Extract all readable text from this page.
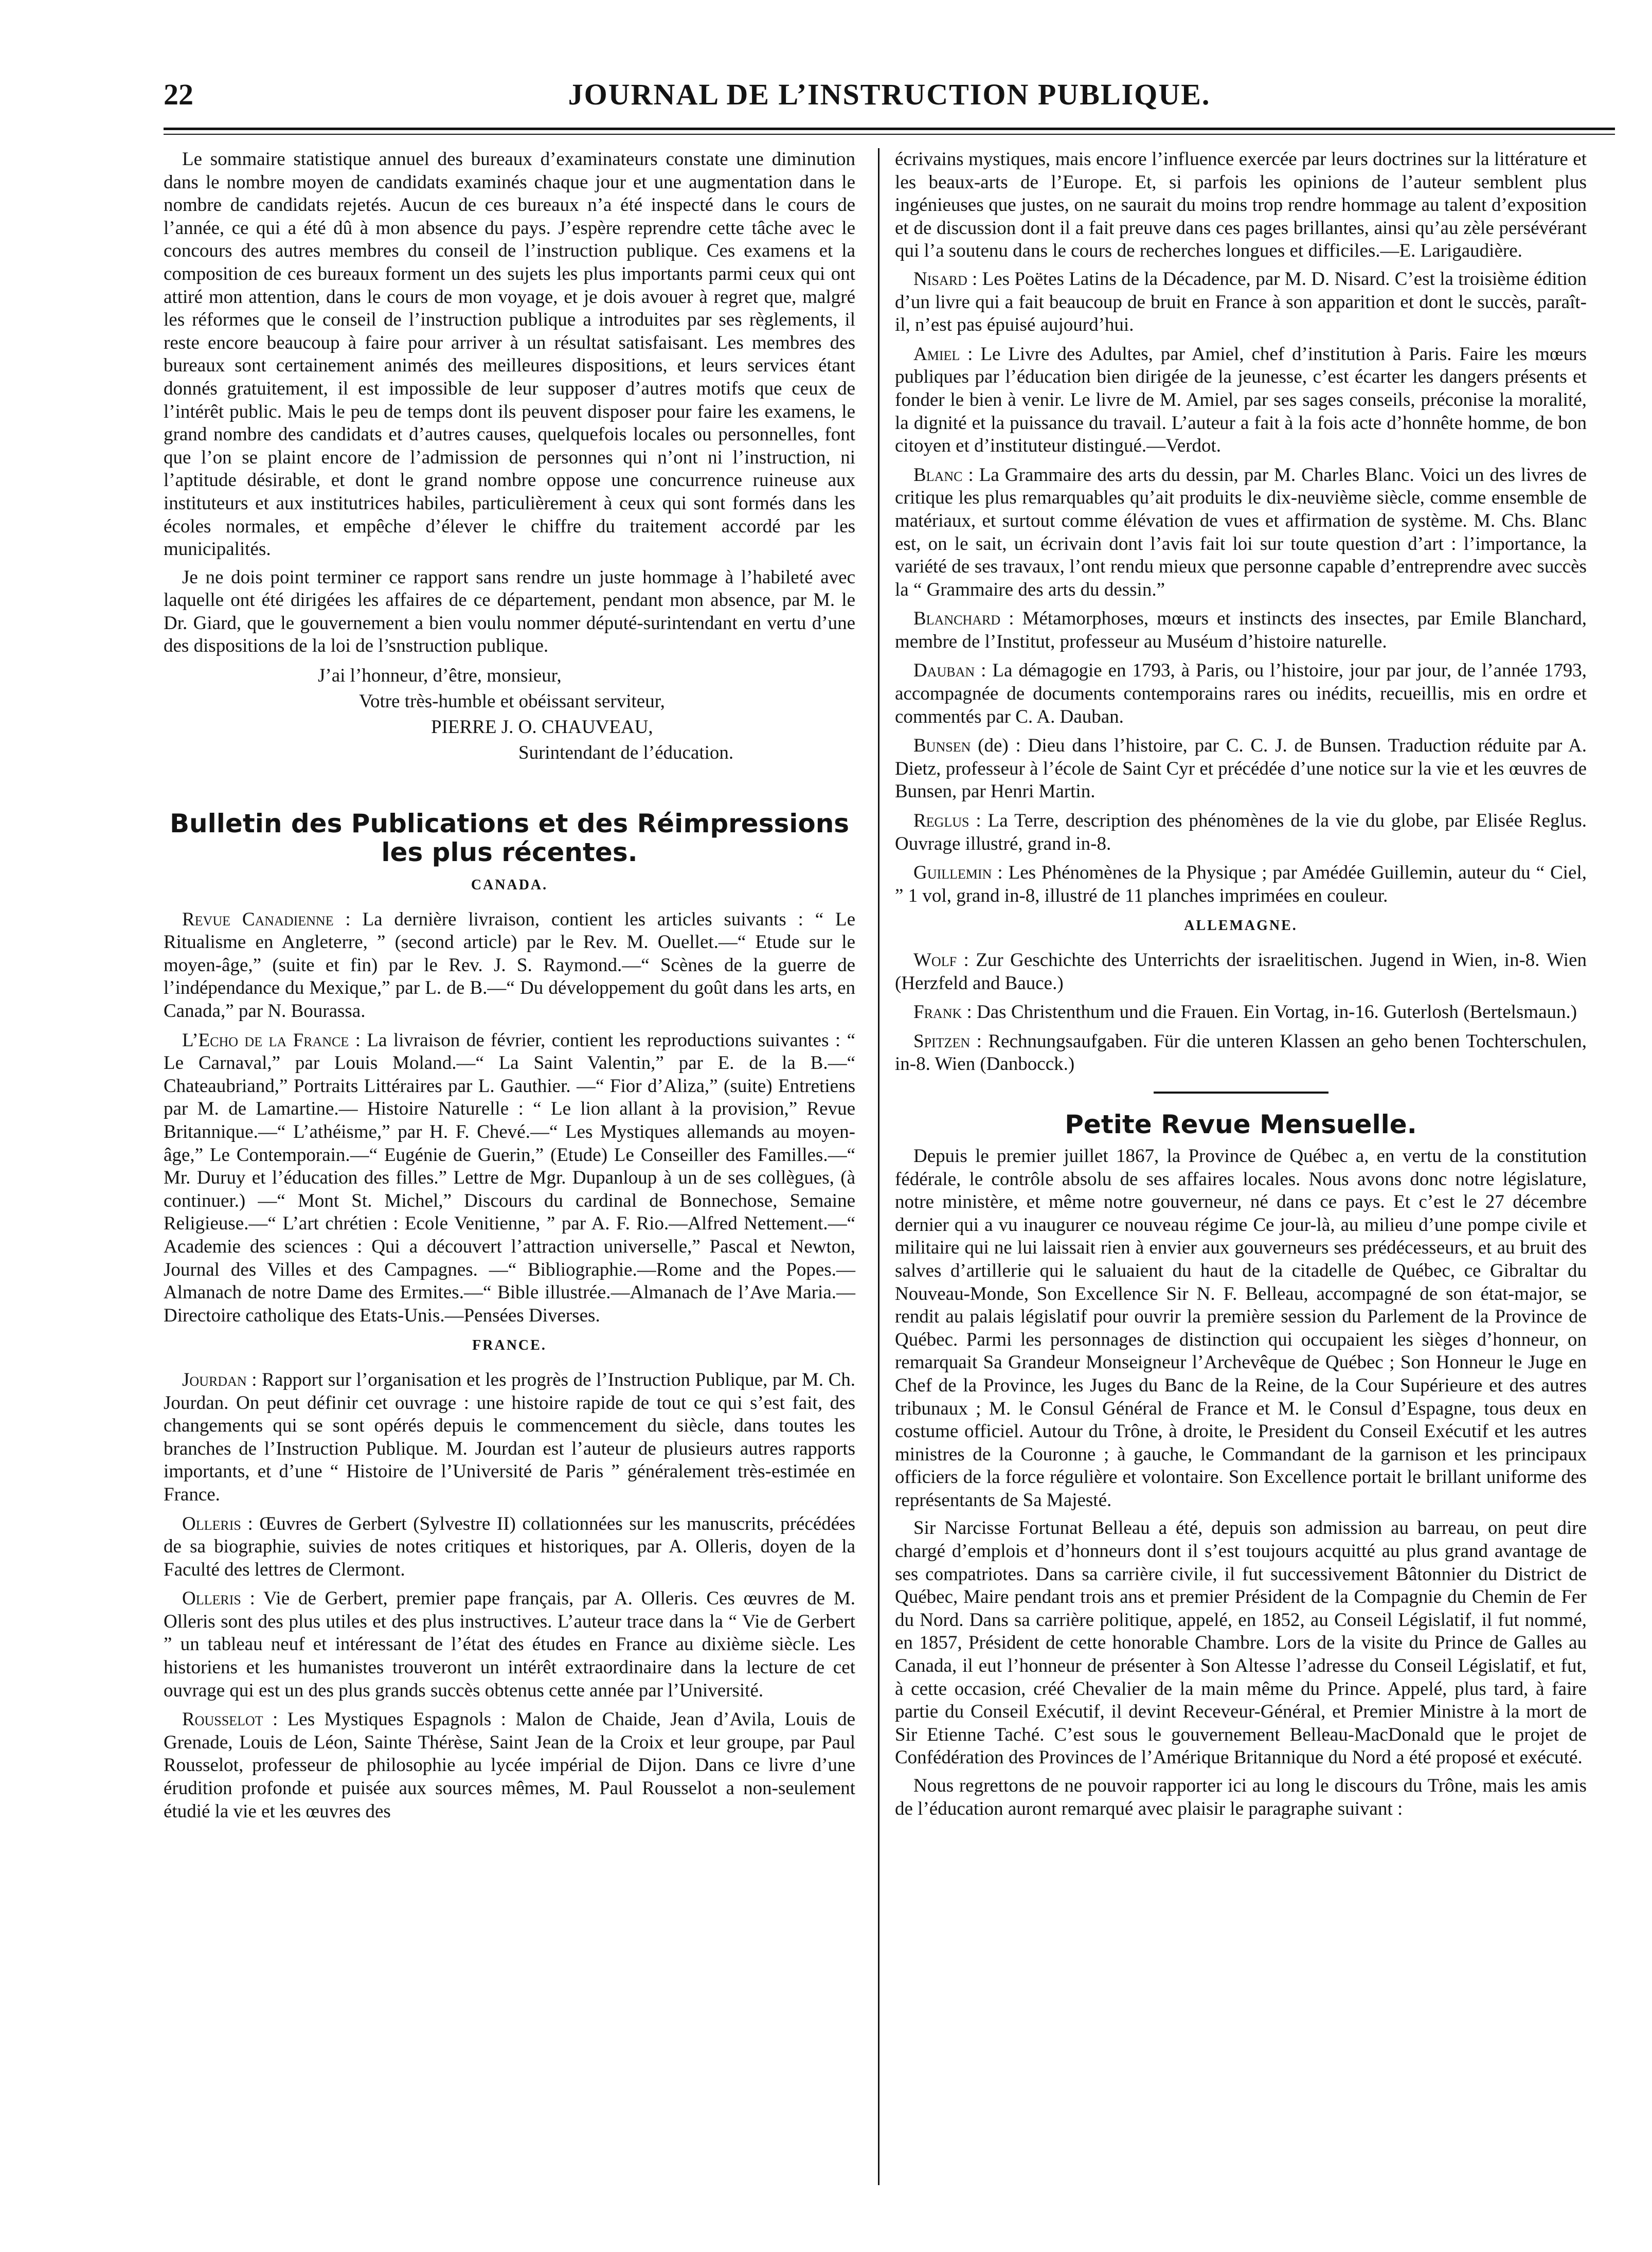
22	JOURNAL DE L’INSTRUCTION PUBLIQUE.

Le sommaire statistique annuel des bureaux d’examinateurs constate une diminution dans le nombre moyen de candidats examinés chaque jour et une augmentation dans le nombre de candidats rejetés. Aucun de ces bureaux n’a été inspecté dans le cours de l’année, ce qui a été dû à mon absence du pays. J’espère reprendre cette tâche avec le concours des autres membres du conseil de l’instruction publique. Ces examens et la composition de ces bureaux forment un des sujets les plus importants parmi ceux qui ont attiré mon attention, dans le cours de mon voyage, et je dois avouer à regret que, malgré les réformes que le conseil de l’instruction publique a introduites par ses règlements, il reste encore beaucoup à faire pour arriver à un résultat satisfaisant. Les membres des bureaux sont certainement animés des meilleures dispositions, et leurs services étant donnés gratuitement, il est impossible de leur supposer d’autres motifs que ceux de l’intérêt public. Mais le peu de temps dont ils peuvent disposer pour faire les examens, le grand nombre des candidats et d’autres causes, quelquefois locales ou personnelles, font que l’on se plaint encore de l’admission de personnes qui n’ont ni l’instruction, ni l’aptitude désirable, et dont le grand nombre oppose une concurrence ruineuse aux instituteurs et aux institutrices habiles, particulièrement à ceux qui sont formés dans les écoles normales, et empêche d’élever le chiffre du traitement accordé par les municipalités.

Je ne dois point terminer ce rapport sans rendre un juste hommage à l’habileté avec laquelle ont été dirigées les affaires de ce département, pendant mon absence, par M. le Dr. Giard, que le gouvernement a bien voulu nommer député-surintendant en vertu d’une des dispositions de la loi de l’snstruction publique.

J’ai l’honneur, d’être, monsieur,
Votre très-humble et obéissant serviteur,
PIERRE J. O. CHAUVEAU,
Surintendant de l’éducation.
Bulletin des Publications et des Réimpressions les plus récentes.
CANADA.

Revue Canadienne : La dernière livraison, contient les articles suivants : “ Le Ritualisme en Angleterre, ” (second article) par le Rev. M. Ouellet.—“ Etude sur le moyen-âge,” (suite et fin) par le Rev. J. S. Raymond.—“ Scènes de la guerre de l’indépendance du Mexique,” par L. de B.—“ Du développement du goût dans les arts, en Canada,” par N. Bourassa.

L’Echo de la France : La livraison de février, contient les reproductions suivantes : “ Le Carnaval,” par Louis Moland.—“ La Saint Valentin,” par E. de la B.—“ Chateaubriand,” Portraits Littéraires par L. Gauthier. —“ Fior d’Aliza,” (suite) Entretiens par M. de Lamartine.— Histoire Naturelle : “ Le lion allant à la provision,” Revue Britannique.—“ L’athéisme,” par H. F. Chevé.—“ Les Mystiques allemands au moyen-âge,” Le Contemporain.—“ Eugénie de Guerin,” (Etude) Le Conseiller des Familles.—“ Mr. Duruy et l’éducation des filles.” Lettre de Mgr. Dupanloup à un de ses collègues, (à continuer.) —“ Mont St. Michel,” Discours du cardinal de Bonnechose, Semaine Religieuse.—“ L’art chrétien : Ecole Venitienne, ” par A. F. Rio.—Alfred Nettement.—“ Academie des sciences : Qui a découvert l’attraction universelle,” Pascal et Newton, Journal des Villes et des Campagnes. —“ Bibliographie.—Rome and the Popes.— Almanach de notre Dame des Ermites.—“ Bible illustrée.—Almanach de l’Ave Maria.—Directoire catholique des Etats-Unis.—Pensées Diverses.

FRANCE.

Jourdan : Rapport sur l’organisation et les progrès de l’Instruction Publique, par M. Ch. Jourdan. On peut définir cet ouvrage : une histoire rapide de tout ce qui s’est fait, des changements qui se sont opérés depuis le commencement du siècle, dans toutes les branches de l’Instruction Publique. M. Jourdan est l’auteur de plusieurs autres rapports importants, et d’une “ Histoire de l’Université de Paris ” généralement très-estimée en France.

Olleris : Œuvres de Gerbert (Sylvestre II) collationnées sur les manuscrits, précédées de sa biographie, suivies de notes critiques et historiques, par A. Olleris, doyen de la Faculté des lettres de Clermont.

Olleris : Vie de Gerbert, premier pape français, par A. Olleris. Ces œuvres de M. Olleris sont des plus utiles et des plus instructives. L’auteur trace dans la “ Vie de Gerbert ” un tableau neuf et intéressant de l’état des études en France au dixième siècle. Les historiens et les humanistes trouveront un intérêt extraordinaire dans la lecture de cet ouvrage qui est un des plus grands succès obtenus cette année par l’Université.

Rousselot : Les Mystiques Espagnols : Malon de Chaide, Jean d’Avila, Louis de Grenade, Louis de Léon, Sainte Thérèse, Saint Jean de la Croix et leur groupe, par Paul Rousselot, professeur de philosophie au lycée impérial de Dijon. Dans ce livre d’une érudition profonde et puisée aux sources mêmes, M. Paul Rousselot a non-seulement étudié la vie et les œuvres des

écrivains mystiques, mais encore l’influence exercée par leurs doctrines sur la littérature et les beaux-arts de l’Europe. Et, si parfois les opinions de l’auteur semblent plus ingénieuses que justes, on ne saurait du moins trop rendre hommage au talent d’exposition et de discussion dont il a fait preuve dans ces pages brillantes, ainsi qu’au zèle persévérant qui l’a soutenu dans le cours de recherches longues et difficiles.—E. Larigaudière.

Nisard : Les Poëtes Latins de la Décadence, par M. D. Nisard. C’est la troisième édition d’un livre qui a fait beaucoup de bruit en France à son apparition et dont le succès, paraît-il, n’est pas épuisé aujourd’hui.

Amiel : Le Livre des Adultes, par Amiel, chef d’institution à Paris. Faire les mœurs publiques par l’éducation bien dirigée de la jeunesse, c’est écarter les dangers présents et fonder le bien à venir. Le livre de M. Amiel, par ses sages conseils, préconise la moralité, la dignité et la puissance du travail. L’auteur a fait à la fois acte d’honnête homme, de bon citoyen et d’instituteur distingué.—Verdot.

Blanc : La Grammaire des arts du dessin, par M. Charles Blanc. Voici un des livres de critique les plus remarquables qu’ait produits le dix-neuvième siècle, comme ensemble de matériaux, et surtout comme élévation de vues et affirmation de système. M. Chs. Blanc est, on le sait, un écrivain dont l’avis fait loi sur toute question d’art : l’importance, la variété de ses travaux, l’ont rendu mieux que personne capable d’entreprendre avec succès la “ Grammaire des arts du dessin.”

Blanchard : Métamorphoses, mœurs et instincts des insectes, par Emile Blanchard, membre de l’Institut, professeur au Muséum d’histoire naturelle.

Dauban : La démagogie en 1793, à Paris, ou l’histoire, jour par jour, de l’année 1793, accompagnée de documents contemporains rares ou inédits, recueillis, mis en ordre et commentés par C. A. Dauban.

Bunsen (de) : Dieu dans l’histoire, par C. C. J. de Bunsen. Traduction réduite par A. Dietz, professeur à l’école de Saint Cyr et précédée d’une notice sur la vie et les œuvres de Bunsen, par Henri Martin.

Reglus : La Terre, description des phénomènes de la vie du globe, par Elisée Reglus. Ouvrage illustré, grand in-8.

Guillemin : Les Phénomènes de la Physique ; par Amédée Guillemin, auteur du “ Ciel, ” 1 vol, grand in-8, illustré de 11 planches imprimées en couleur.

ALLEMAGNE.

Wolf : Zur Geschichte des Unterrichts der israelitischen. Jugend in Wien, in-8. Wien (Herzfeld and Bauce.)

Frank : Das Christenthum und die Frauen. Ein Vortag, in-16. Guterlosh (Bertelsmaun.)

Spitzen : Rechnungsaufgaben. Für die unteren Klassen an geho benen Tochterschulen, in-8. Wien (Danbocck.)

Petite Revue Mensuelle.

Depuis le premier juillet 1867, la Province de Québec a, en vertu de la constitution fédérale, le contrôle absolu de ses affaires locales. Nous avons donc notre législature, notre ministère, et même notre gouverneur, né dans ce pays. Et c’est le 27 décembre dernier qui a vu inaugurer ce nouveau régime Ce jour-là, au milieu d’une pompe civile et militaire qui ne lui laissait rien à envier aux gouverneurs ses prédécesseurs, et au bruit des salves d’artillerie qui le saluaient du haut de la citadelle de Québec, ce Gibraltar du Nouveau-Monde, Son Excellence Sir N. F. Belleau, accompagné de son état-major, se rendit au palais législatif pour ouvrir la première session du Parlement de la Province de Québec. Parmi les personnages de distinction qui occupaient les sièges d’honneur, on remarquait Sa Grandeur Monseigneur l’Archevêque de Québec ; Son Honneur le Juge en Chef de la Province, les Juges du Banc de la Reine, de la Cour Supérieure et des autres tribunaux ; M. le Consul Général de France et M. le Consul d’Espagne, tous deux en costume officiel. Autour du Trône, à droite, le President du Conseil Exécutif et les autres ministres de la Couronne ; à gauche, le Commandant de la garnison et les principaux officiers de la force régulière et volontaire. Son Excellence portait le brillant uniforme des représentants de Sa Majesté.

Sir Narcisse Fortunat Belleau a été, depuis son admission au barreau, on peut dire chargé d’emplois et d’honneurs dont il s’est toujours acquitté au plus grand avantage de ses compatriotes. Dans sa carrière civile, il fut successivement Bâtonnier du District de Québec, Maire pendant trois ans et premier Président de la Compagnie du Chemin de Fer du Nord. Dans sa carrière politique, appelé, en 1852, au Conseil Législatif, il fut nommé, en 1857, Président de cette honorable Chambre. Lors de la visite du Prince de Galles au Canada, il eut l’honneur de présenter à Son Altesse l’adresse du Conseil Législatif, et fut, à cette occasion, créé Chevalier de la main même du Prince. Appelé, plus tard, à faire partie du Conseil Exécutif, il devint Receveur-Général, et Premier Ministre à la mort de Sir Etienne Taché. C’est sous le gouvernement Belleau-MacDonald que le projet de Confédération des Provinces de l’Amérique Britannique du Nord a été proposé et exécuté.

Nous regrettons de ne pouvoir rapporter ici au long le discours du Trône, mais les amis de l’éducation auront remarqué avec plaisir le paragraphe suivant :
